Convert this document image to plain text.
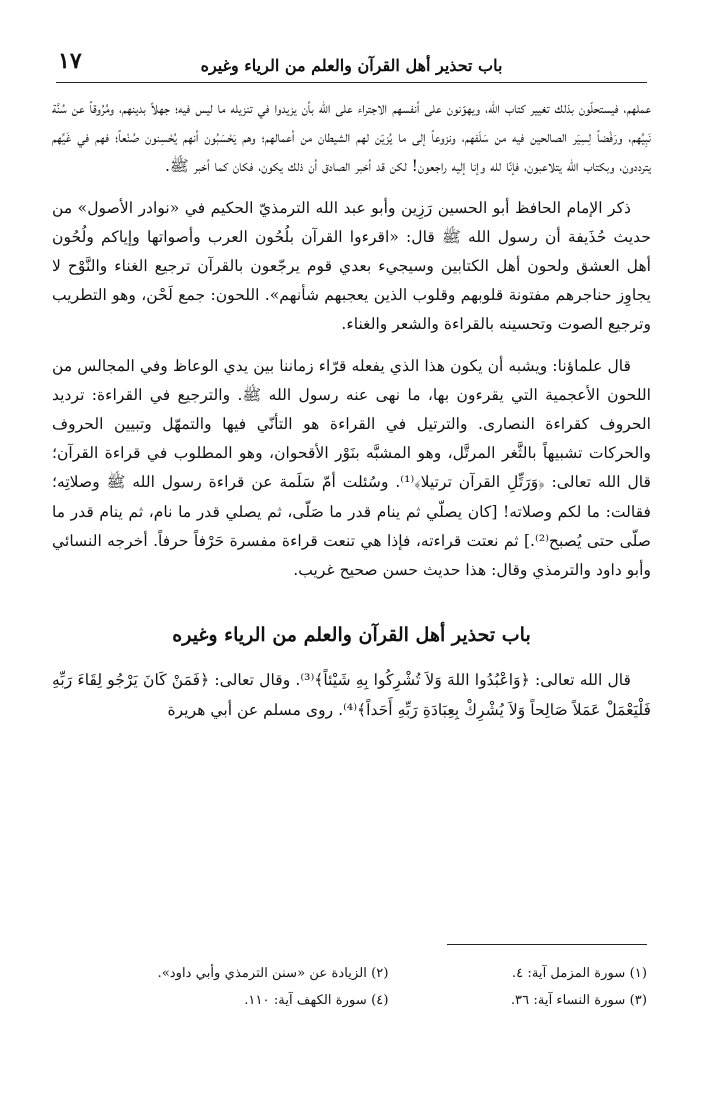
باب تحذير أهل القرآن والعلم من الرياء وغيره
١٧

عملهم، فيستحلّون بذلك تغيير كتاب الله، ويهوّنون على أنفسهم الاجتراء على الله بأن يزيدوا في تنزيله ما ليس فيه؛ جهلاً بدينهم، ومُرُوقاً عن سُنَّة نَبِيِّهم، ورَفْضاً لِسِيَر الصالحين فيه من سَلَفهم، ونزوعاً إلى ما يُزيّن لهم الشيطان من أعمالهم؛ وهم يَحْسَبُون أنهم يُحْسِنون صُنْعاً؛ فهم في غَيِّهم يترددون، وبكتاب الله يتلاعبون، فإنّا لله وإنا إليه راجعون! لكن قد أخبر الصادق أن ذلك يكون، فكان كما أخبر ﷺ.

ذكر الإمام الحافظ أبو الحسين رَزِين وأبو عبد الله الترمذيّ الحكيم في «نوادر الأصول» من حديث حُذَيفة أن رسول الله ﷺ قال: «اقرءوا القرآن بلُحُون العرب وأصواتها وإياكم ولُحُون أهل العشق ولحون أهل الكتابين وسيجيء بعدي قوم يرجّعون بالقرآن ترجيع الغناء والنَّوْح لا يجاوِز حناجرهم مفتونة قلوبهم وقلوب الذين يعجبهم شأنهم». اللحون: جمع لَحْن، وهو التطريب وترجيع الصوت وتحسينه بالقراءة والشعر والغناء.

قال علماؤنا: ويشبه أن يكون هذا الذي يفعله قرّاء زماننا بين يدي الوعاظ وفي المجالس من اللحون الأعجمية التي يقرءون بها، ما نهى عنه رسول الله ﷺ. والترجيع في القراءة: ترديد الحروف كقراءة النصارى. والترتيل في القراءة هو التأنّي فيها والتمهّل وتبيين الحروف والحركات تشبيهاً بالثَّغر المرتَّل، وهو المشبَّه بنَوْر الأقحوان، وهو المطلوب في قراءة القرآن؛ قال الله تعالى: ﴿وَرَتِّلِ القرآن ترتيلا﴾⁽¹⁾. وسُئلت أمّ سَلَمة عن قراءة رسول الله ﷺ وصلاتِه؛ فقالت: ما لكم وصلاته! [كان يصلّي ثم ينام قدر ما صَلّى، ثم يصلي قدر ما نام، ثم ينام قدر ما صلّى حتى يُصبح⁽²⁾.] ثم نعتت قراءته، فإذا هي تنعت قراءة مفسرة حَرْفاً حرفاً. أخرجه النسائي وأبو داود والترمذي وقال: هذا حديث حسن صحيح غريب.

باب تحذير أهل القرآن والعلم من الرياء وغيره

قال الله تعالى: ﴿وَاعْبُدُوا اللهَ وَلاَ تُشْرِكُوا بِهِ شَيْئاً﴾⁽³⁾. وقال تعالى: ﴿فَمَنْ كَانَ يَرْجُو لِقَاءَ رَبِّهِ فَلْيَعْمَلْ عَمَلاً صَالِحاً وَلاَ يُشْرِكْ بِعِبَادَةِ رَبِّهِ أَحَداً﴾⁽⁴⁾. روى مسلم عن أبي هريرة

(١) سورة المزمل آية: ٤.
(٢) الزيادة عن «سنن الترمذي وأبي داود».
(٣) سورة النساء آية: ٣٦.
(٤) سورة الكهف آية: ١١٠.
